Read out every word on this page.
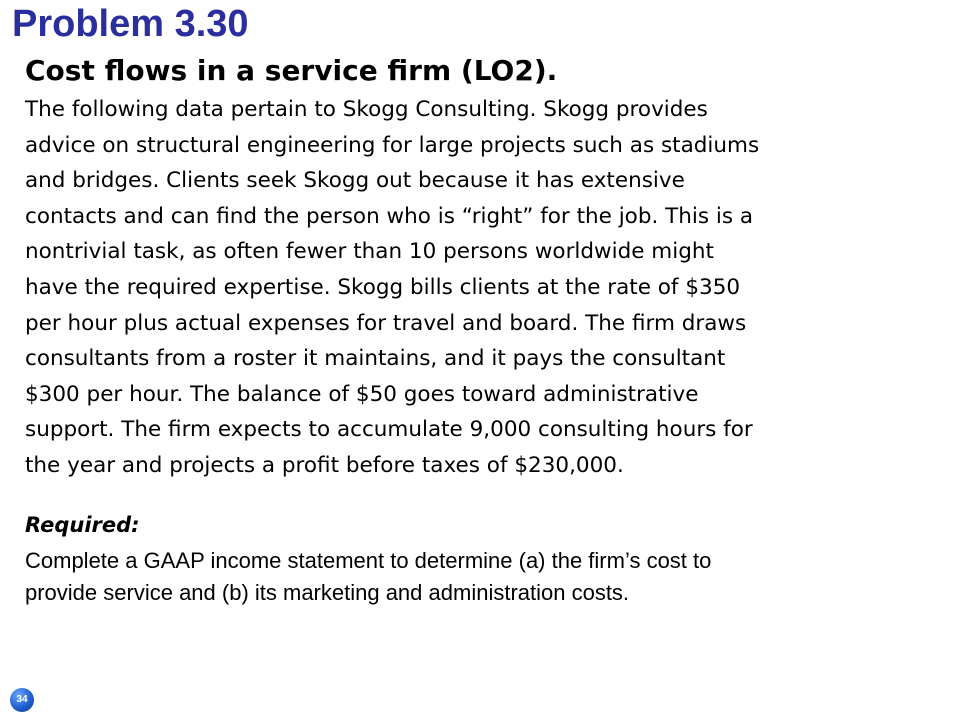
Problem 3.30
Cost flows in a service firm (LO2).
The following data pertain to Skogg Consulting. Skogg provides
advice on structural engineering for large projects such as stadiums
and bridges. Clients seek Skogg out because it has extensive
contacts and can find the person who is “right” for the job. This is a
nontrivial task, as often fewer than 10 persons worldwide might
have the required expertise. Skogg bills clients at the rate of $350
per hour plus actual expenses for travel and board. The firm draws
consultants from a roster it maintains, and it pays the consultant
$300 per hour. The balance of $50 goes toward administrative
support. The firm expects to accumulate 9,000 consulting hours for
the year and projects a profit before taxes of $230,000.
Required:
Complete a GAAP income statement to determine (a) the firm’s cost to
provide service and (b) its marketing and administration costs.
34
